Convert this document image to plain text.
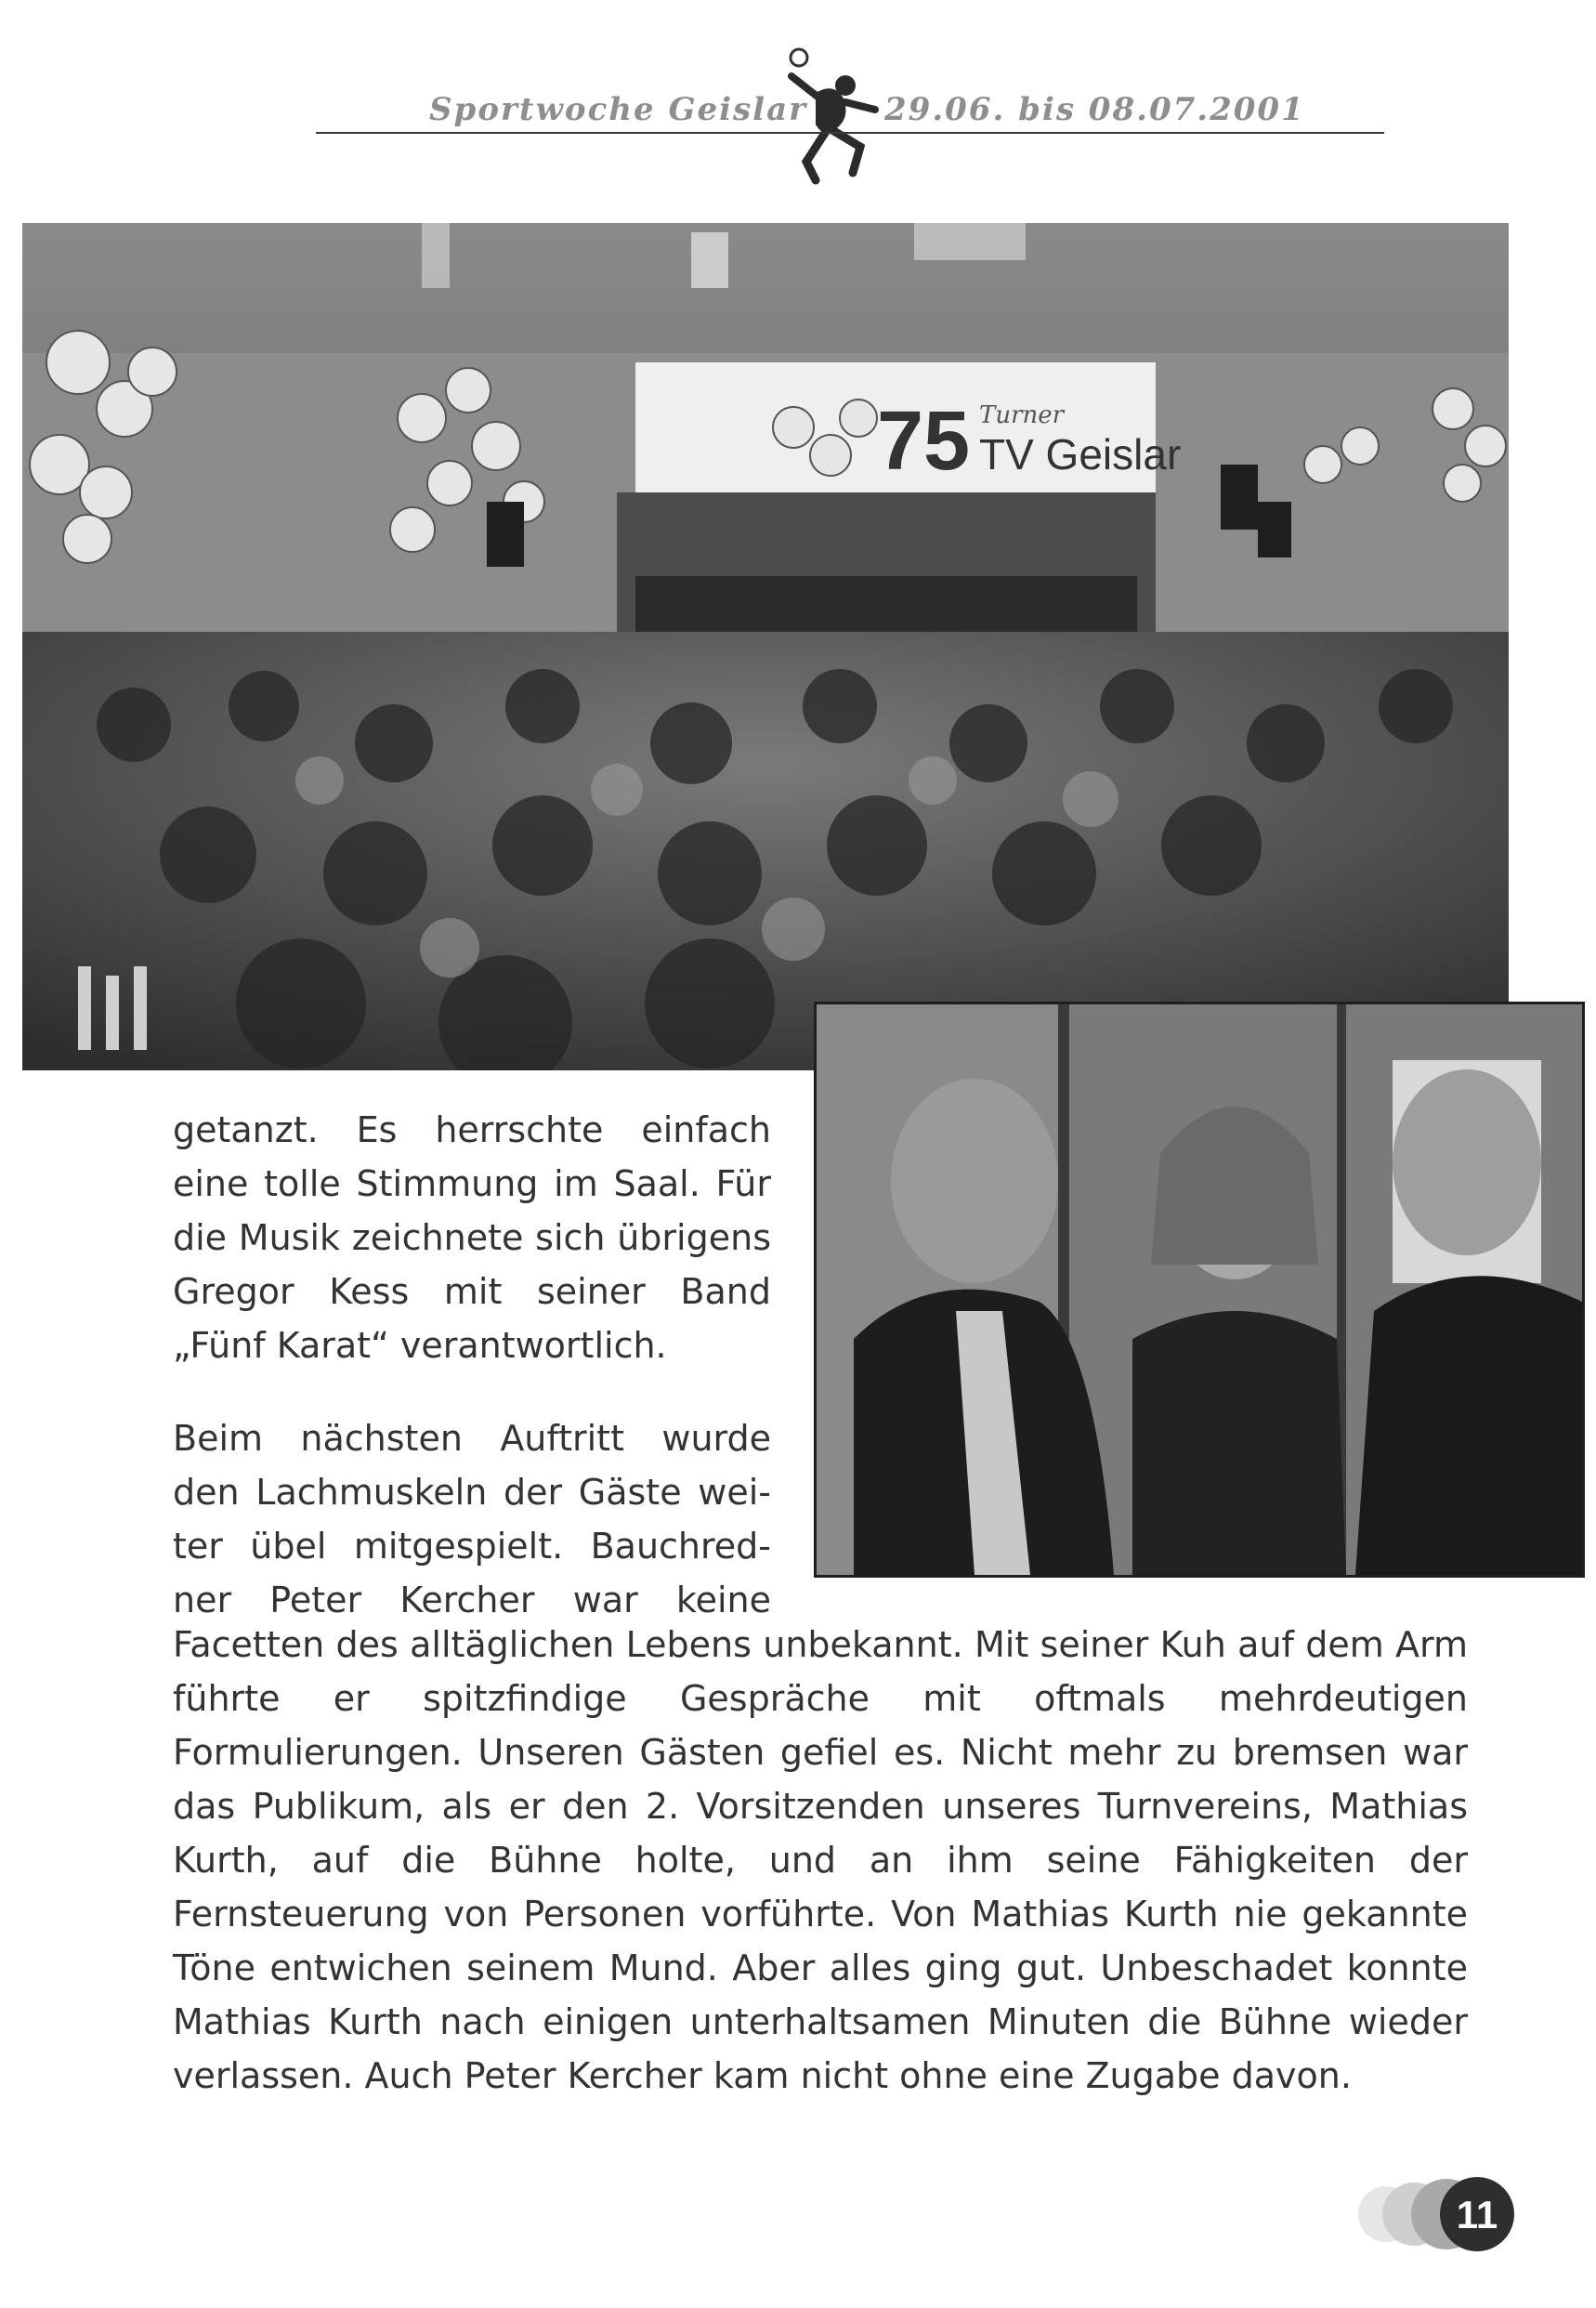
Sportwoche Geislar 29.06. bis 08.07.2001
75 TV Geislar
Turner
getanzt. Es herrschte einfach
eine tolle Stimmung im Saal. Für
die Musik zeichnete sich übrigens
Gregor Kess mit seiner Band
„Fünf Karat“ verantwortlich.
Beim nächsten Auftritt wurde
den Lachmuskeln der Gäste wei-
ter übel mitgespielt. Bauchred-
ner Peter Kercher war keine
Facetten des alltäglichen Lebens unbekannt. Mit seiner Kuh auf dem Arm
führte er spitzfindige Gespräche mit oftmals mehrdeutigen
Formulierungen. Unseren Gästen gefiel es. Nicht mehr zu bremsen war
das Publikum, als er den 2. Vorsitzenden unseres Turnvereins, Mathias
Kurth, auf die Bühne holte, und an ihm seine Fähigkeiten der
Fernsteuerung von Personen vorführte. Von Mathias Kurth nie gekannte
Töne entwichen seinem Mund. Aber alles ging gut. Unbeschadet konnte
Mathias Kurth nach einigen unterhaltsamen Minuten die Bühne wieder
verlassen. Auch Peter Kercher kam nicht ohne eine Zugabe davon.
11
